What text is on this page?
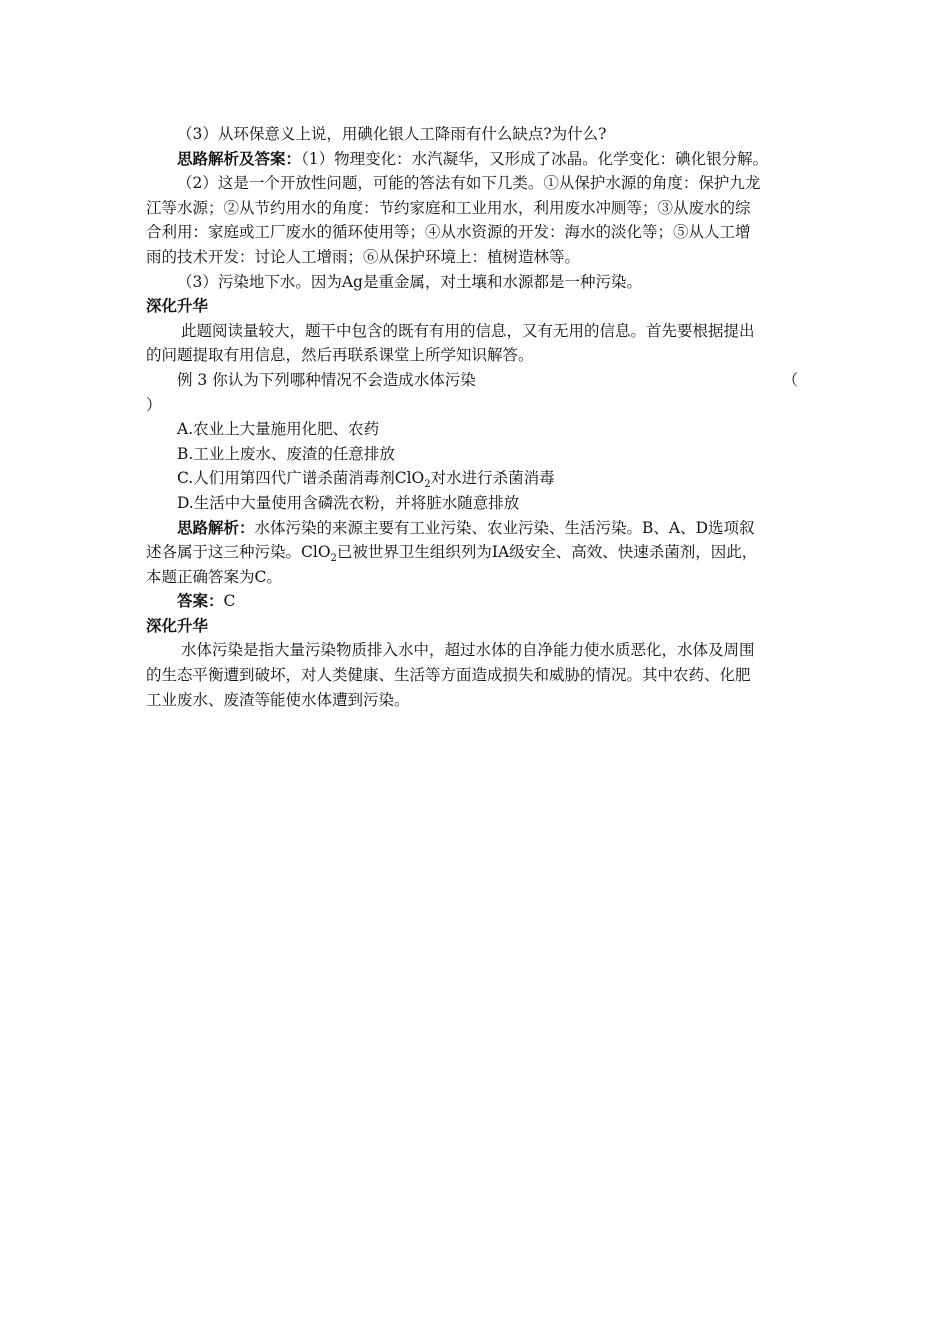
（3）从环保意义上说，用碘化银人工降雨有什么缺点?为什么?
思路解析及答案：（1）物理变化：水汽凝华，又形成了冰晶。化学变化：碘化银分解。
（2）这是一个开放性问题，可能的答法有如下几类。①从保护水源的角度：保护九龙
江等水源；②从节约用水的角度：节约家庭和工业用水，利用废水冲厕等；③从废水的综
合利用：家庭或工厂废水的循环使用等；④从水资源的开发：海水的淡化等；⑤从人工增
雨的技术开发：讨论人工增雨；⑥从保护环境上：植树造林等。
（3）污染地下水。因为Ag是重金属，对土壤和水源都是一种污染。
深化升华
此题阅读量较大，题干中包含的既有有用的信息，又有无用的信息。首先要根据提出
的问题提取有用信息，然后再联系课堂上所学知识解答。
例 3 你认为下列哪种情况不会造成水体污染	（
）
A.农业上大量施用化肥、农药
B.工业上废水、废渣的任意排放
C.人们用第四代广谱杀菌消毒剂ClO$_2$对水进行杀菌消毒
D.生活中大量使用含磷洗衣粉，并将脏水随意排放
思路解析：水体污染的来源主要有工业污染、农业污染、生活污染。B、A、D选项叙
述各属于这三种污染。ClO$_2$已被世界卫生组织列为ⅠA级安全、高效、快速杀菌剂，因此，
本题正确答案为C。
答案：C
深化升华
水体污染是指大量污染物质排入水中，超过水体的自净能力使水质恶化，水体及周围
的生态平衡遭到破坏，对人类健康、生活等方面造成损失和威胁的情况。其中农药、化肥
工业废水、废渣等能使水体遭到污染。
